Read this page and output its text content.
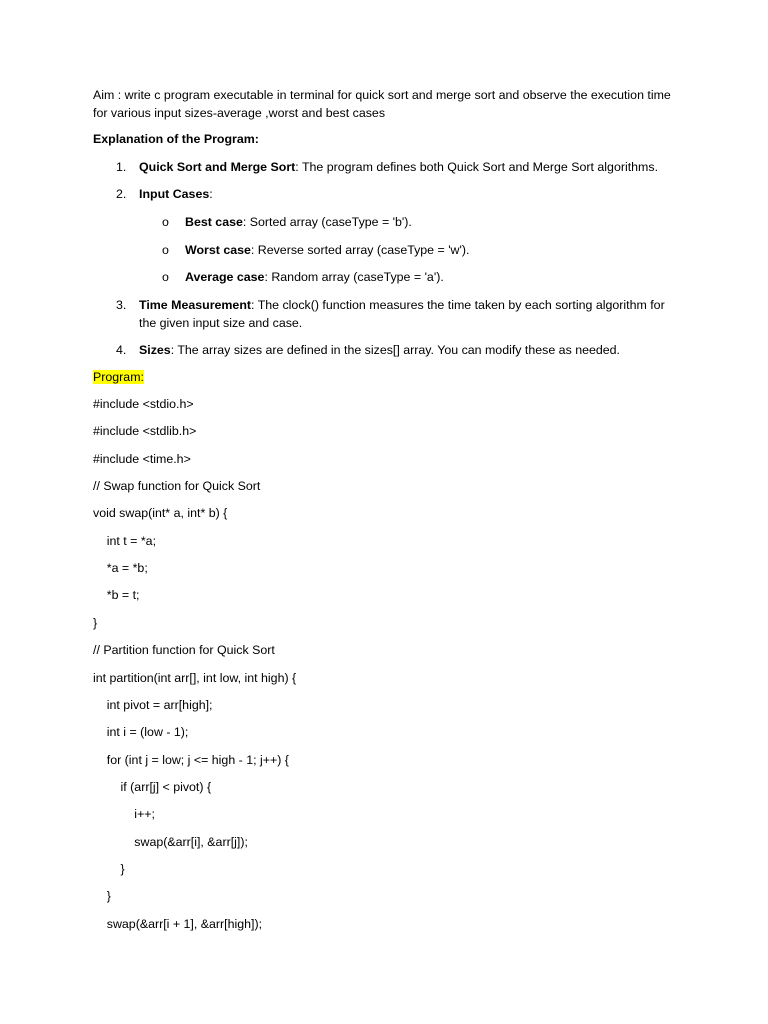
Aim : write c program executable in terminal for quick sort and merge sort and observe the execution time for various input sizes-average ,worst and best cases
Explanation of the Program:
1. Quick Sort and Merge Sort: The program defines both Quick Sort and Merge Sort algorithms.
2. Input Cases:
o Best case: Sorted array (caseType = 'b').
o Worst case: Reverse sorted array (caseType = 'w').
o Average case: Random array (caseType = 'a').
3. Time Measurement: The clock() function measures the time taken by each sorting algorithm for the given input size and case.
4. Sizes: The array sizes are defined in the sizes[] array. You can modify these as needed.
Program:
#include <stdio.h>
#include <stdlib.h>
#include <time.h>
// Swap function for Quick Sort
void swap(int* a, int* b) {
int t = *a;
*a = *b;
*b = t;
}
// Partition function for Quick Sort
int partition(int arr[], int low, int high) {
int pivot = arr[high];
int i = (low - 1);
for (int j = low; j <= high - 1; j++) {
if (arr[j] < pivot) {
i++;
swap(&arr[i], &arr[j]);
}
}
swap(&arr[i + 1], &arr[high]);
